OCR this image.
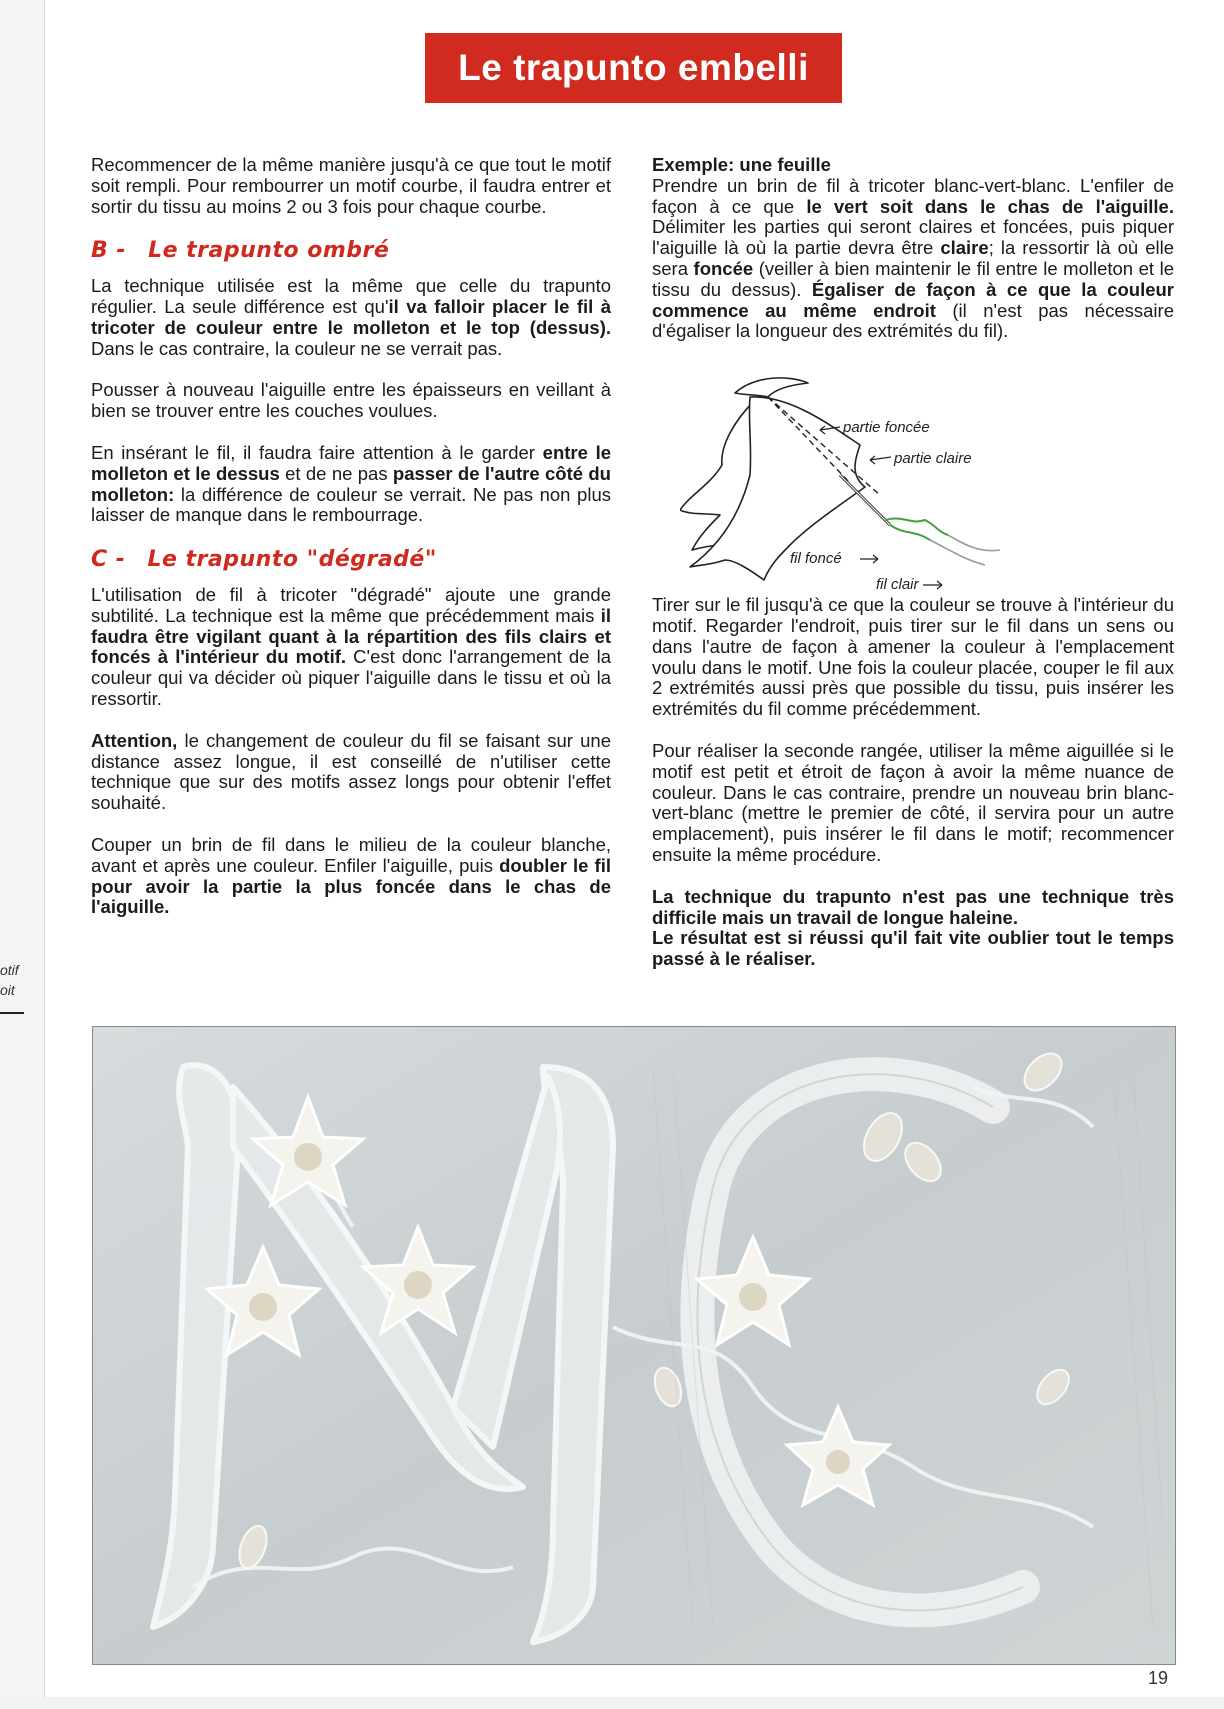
otif
oit
Le trapunto embelli

Recommencer de la même manière jusqu'à ce que tout le motif soit rempli. Pour rembourrer un motif courbe, il faudra entrer et sortir du tissu au moins 2 ou 3 fois pour chaque courbe.

B - Le trapunto ombré

La technique utilisée est la même que celle du trapunto régulier. La seule différence est qu'il va falloir placer le fil à tricoter de couleur entre le molleton et le top (dessus). Dans le cas contraire, la couleur ne se verrait pas.

Pousser à nouveau l'aiguille entre les épaisseurs en veillant à bien se trouver entre les couches voulues.

En insérant le fil, il faudra faire attention à le garder entre le molleton et le dessus et de ne pas passer de l'autre côté du molleton: la différence de couleur se verrait. Ne pas non plus laisser de manque dans le rembourrage.

C - Le trapunto "dégradé"

L'utilisation de fil à tricoter "dégradé" ajoute une grande subtilité. La technique est la même que précédemment mais il faudra être vigilant quant à la répartition des fils clairs et foncés à l'intérieur du motif. C'est donc l'arrangement de la couleur qui va décider où piquer l'aiguille dans le tissu et où la ressortir.

Attention, le changement de couleur du fil se faisant sur une distance assez longue, il est conseillé de n'utiliser cette technique que sur des motifs assez longs pour obtenir l'effet souhaité.

Couper un brin de fil dans le milieu de la couleur blanche, avant et après une couleur. Enfiler l'aiguille, puis doubler le fil pour avoir la partie la plus foncée dans le chas de l'aiguille.

Exemple: une feuille

Prendre un brin de fil à tricoter blanc-vert-blanc. L'enfiler de façon à ce que le vert soit dans le chas de l'aiguille. Délimiter les parties qui seront claires et foncées, puis piquer l'aiguille là où la partie devra être claire; la ressortir là où elle sera foncée (veiller à bien maintenir le fil entre le molleton et le tissu du dessus). Égaliser de façon à ce que la couleur commence au même endroit (il n'est pas nécessaire d'égaliser la longueur des extrémités du fil).

Tirer sur le fil jusqu'à ce que la couleur se trouve à l'intérieur du motif. Regarder l'endroit, puis tirer sur le fil dans un sens ou dans l'autre de façon à amener la couleur à l'emplacement voulu dans le motif. Une fois la couleur placée, couper le fil aux 2 extrémités aussi près que possible du tissu, puis insérer les extrémités du fil comme précédemment.

Pour réaliser la seconde rangée, utiliser la même aiguillée si le motif est petit et étroit de façon à avoir la même nuance de couleur. Dans le cas contraire, prendre un nouveau brin blanc-vert-blanc (mettre le premier de côté, il servira pour un autre emplacement), puis insérer le fil dans le motif; recommencer ensuite la même procédure.

La technique du trapunto n'est pas une technique très difficile mais un travail de longue haleine.

Le résultat est si réussi qu'il fait vite oublier tout le temps passé à le réaliser.

partie foncée
partie claire
fil foncé
fil clair
19
